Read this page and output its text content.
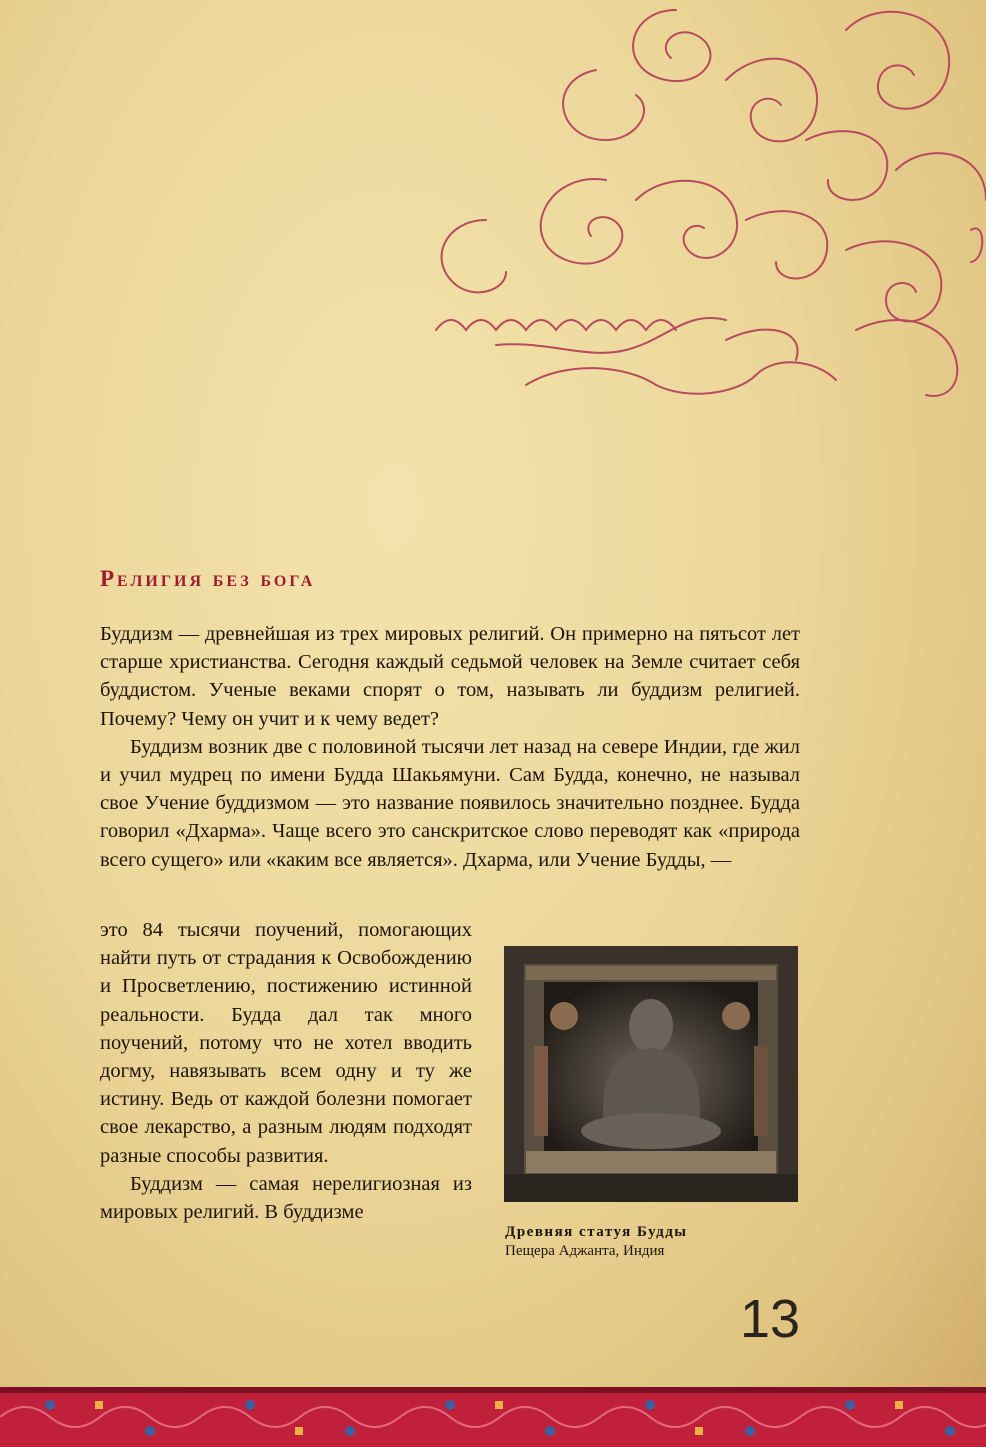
Религия без бога

Буддизм — древнейшая из трех мировых религий. Он примерно на пятьсот лет старше христианства. Сегодня каждый седьмой человек на Земле считает себя буддистом. Ученые веками спорят о том, называть ли буддизм религией. Почему? Чему он учит и к чему ведет?

Буддизм возник две с половиной тысячи лет назад на севере Индии, где жил и учил мудрец по имени Будда Шакьямуни. Сам Будда, конечно, не называл свое Учение буддизмом — это название появилось значительно позднее. Будда говорил «Дхарма». Чаще всего это санскритское слово переводят как «природа всего сущего» или «каким все является». Дхарма, или Учение Будды, —

это 84 тысячи поучений, помогающих найти путь от страдания к Освобождению и Просветлению, постижению истинной реальности. Будда дал так много поучений, потому что не хотел вводить догму, навязывать всем одну и ту же истину. Ведь от каждой болезни помогает свое лекарство, а разным людям подходят разные способы развития.

Буддизм — самая нерелигиозная из мировых религий. В буддизме

Древняя статуя Будды
Пещера Аджанта, Индия
13
